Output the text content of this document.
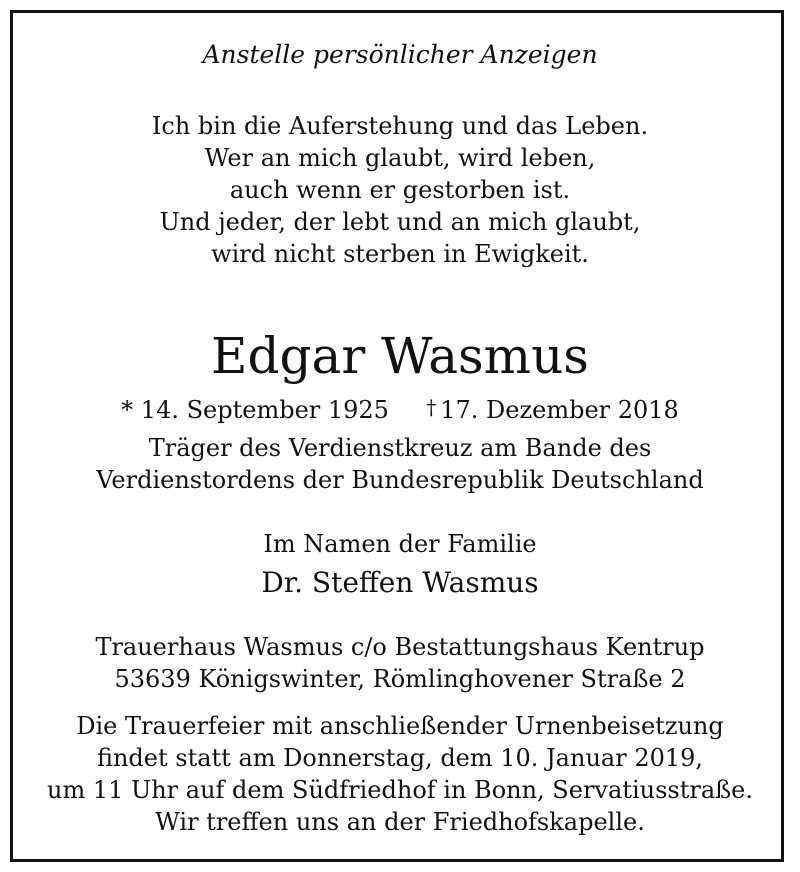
Anstelle persönlicher Anzeigen
Ich bin die Auferstehung und das Leben.
Wer an mich glaubt, wird leben,
auch wenn er gestorben ist.
Und jeder, der lebt und an mich glaubt,
wird nicht sterben in Ewigkeit.
Edgar Wasmus
* 14. September 1925 † 17. Dezember 2018
Träger des Verdienstkreuz am Bande des
Verdienstordens der Bundesrepublik Deutschland
Im Namen der Familie
Dr. Steffen Wasmus
Trauerhaus Wasmus c/o Bestattungshaus Kentrup
53639 Königswinter, Römlinghovener Straße 2
Die Trauerfeier mit anschließender Urnenbeisetzung
findet statt am Donnerstag, dem 10. Januar 2019,
um 11 Uhr auf dem Südfriedhof in Bonn, Servatiusstraße.
Wir treffen uns an der Friedhofskapelle.
